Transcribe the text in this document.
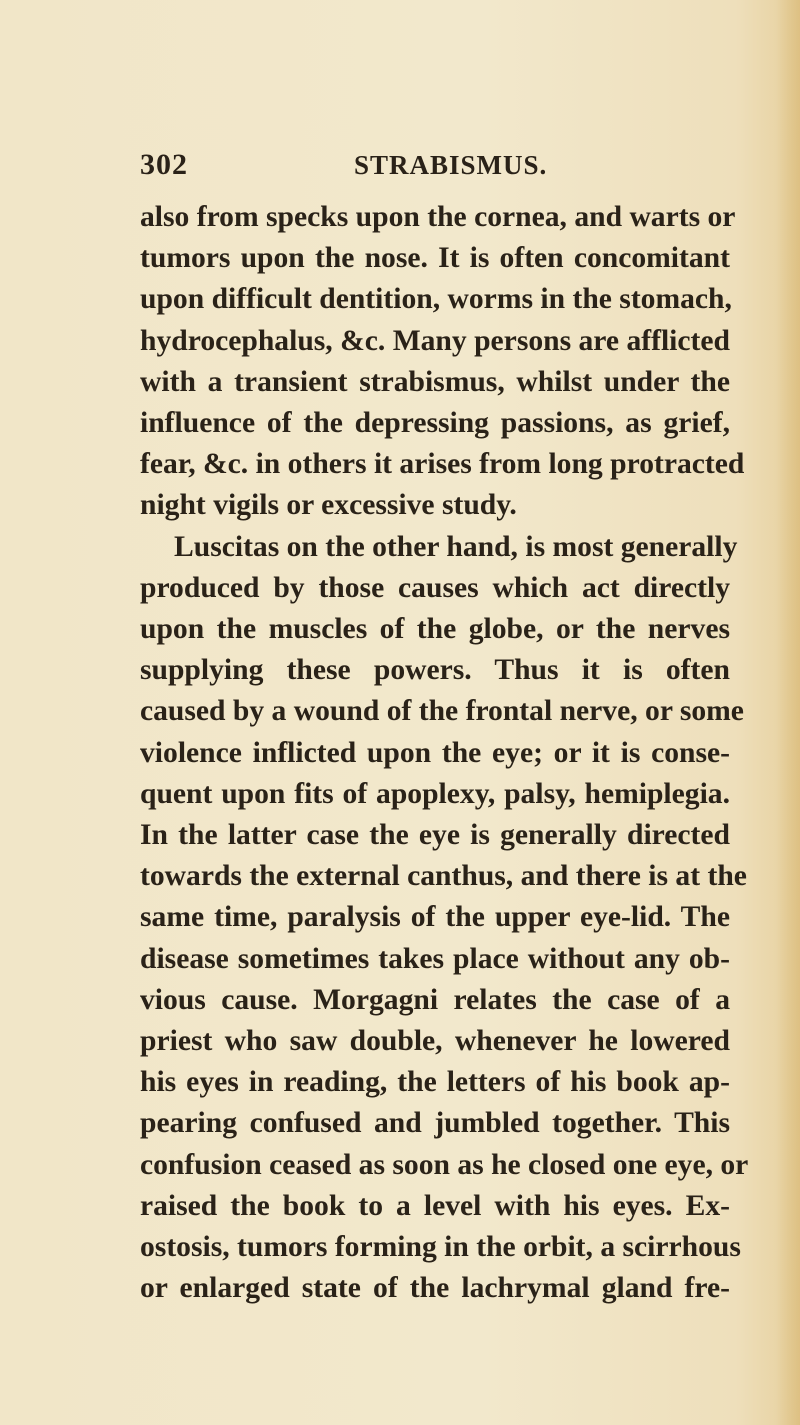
302	STRABISMUS.
also from specks upon the cornea, and warts or
tumors upon the nose. It is often concomitant
upon difficult dentition, worms in the stomach,
hydrocephalus, &c. Many persons are afflicted
with a transient strabismus, whilst under the
influence of the depressing passions, as grief,
fear, &c. in others it arises from long protracted
night vigils or excessive study.
Luscitas on the other hand, is most generally
produced by those causes which act directly
upon the muscles of the globe, or the nerves
supplying these powers. Thus it is often
caused by a wound of the frontal nerve, or some
violence inflicted upon the eye; or it is conse-
quent upon fits of apoplexy, palsy, hemiplegia.
In the latter case the eye is generally directed
towards the external canthus, and there is at the
same time, paralysis of the upper eye-lid. The
disease sometimes takes place without any ob-
vious cause. Morgagni relates the case of a
priest who saw double, whenever he lowered
his eyes in reading, the letters of his book ap-
pearing confused and jumbled together. This
confusion ceased as soon as he closed one eye, or
raised the book to a level with his eyes. Ex-
ostosis, tumors forming in the orbit, a scirrhous
or enlarged state of the lachrymal gland fre-
